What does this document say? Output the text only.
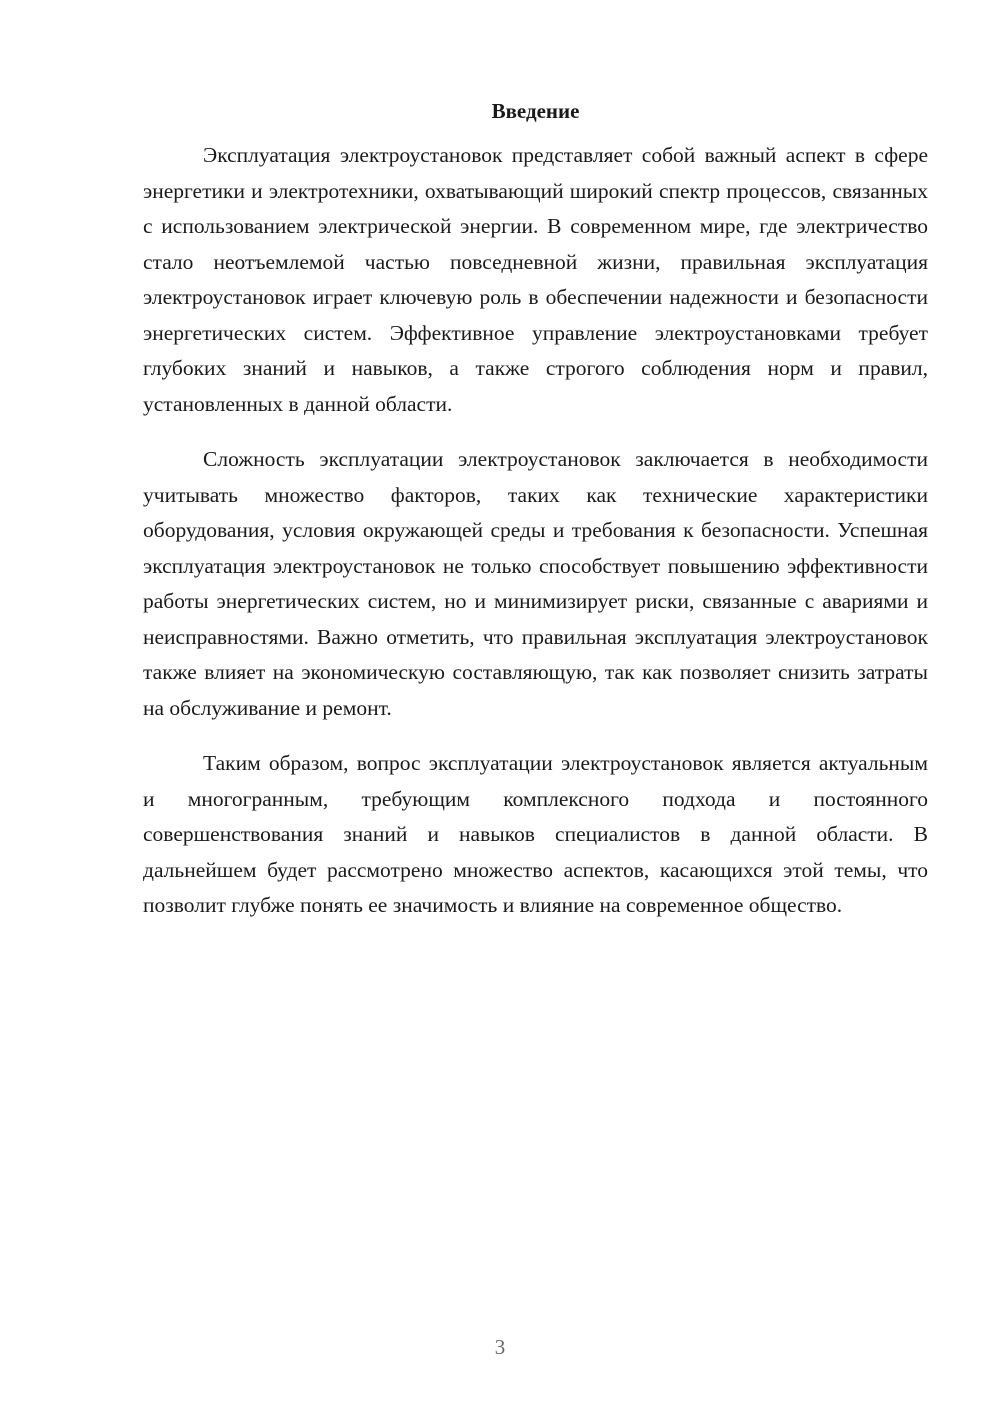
Введение

Эксплуатация электроустановок представляет собой важный аспект в сфере энергетики и электротехники, охватывающий широкий спектр процессов, связанных с использованием электрической энергии. В современном мире, где электричество стало неотъемлемой частью повседневной жизни, правильная эксплуатация электроустановок играет ключевую роль в обеспечении надежности и безопасности энергетических систем. Эффективное управление электроустановками требует глубоких знаний и навыков, а также строгого соблюдения норм и правил, установленных в данной области.

Сложность эксплуатации электроустановок заключается в необходимости учитывать множество факторов, таких как технические характеристики оборудования, условия окружающей среды и требования к безопасности. Успешная эксплуатация электроустановок не только способствует повышению эффективности работы энергетических систем, но и минимизирует риски, связанные с авариями и неисправностями. Важно отметить, что правильная эксплуатация электроустановок также влияет на экономическую составляющую, так как позволяет снизить затраты на обслуживание и ремонт.

Таким образом, вопрос эксплуатации электроустановок является актуальным и многогранным, требующим комплексного подхода и постоянного совершенствования знаний и навыков специалистов в данной области. В дальнейшем будет рассмотрено множество аспектов, касающихся этой темы, что позволит глубже понять ее значимость и влияние на современное общество.

3
